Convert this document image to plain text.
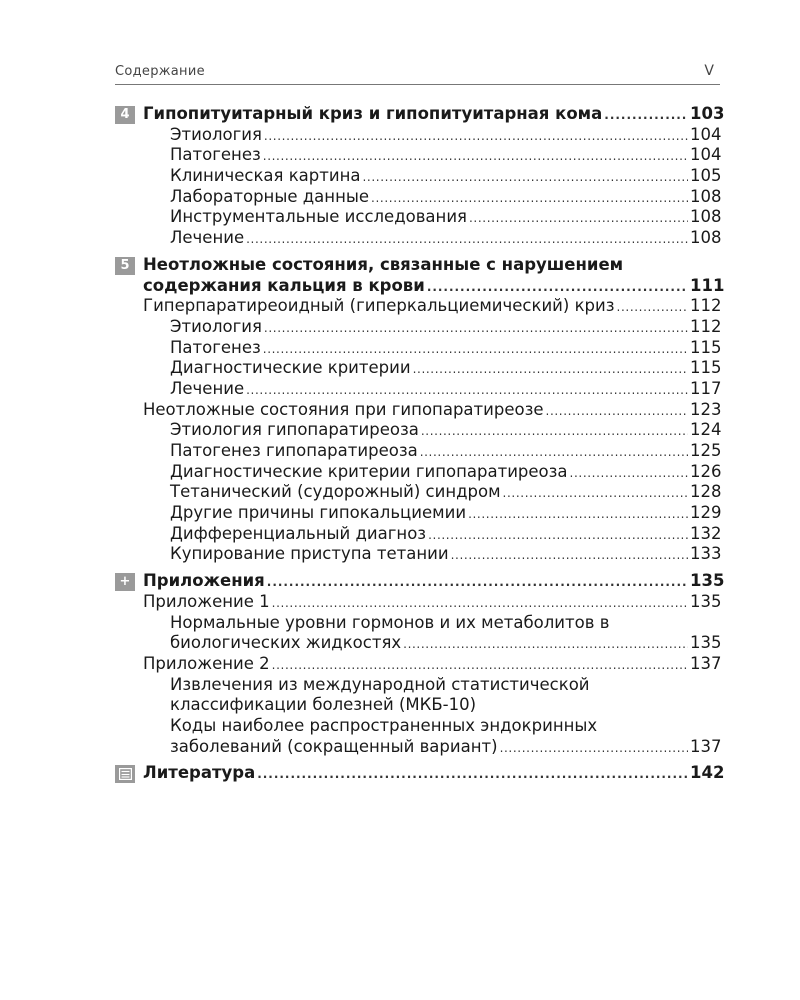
Содержание	V
4 Гипопитуитарный криз и гипопитуитарная кома . . .	103
Этиология . . .	104
Патогенез . . .	104
Клиническая картина . . .	105
Лабораторные данные . . .	108
Инструментальные исследования . . .	108
Лечение . . .	108
5 Неотложные состояния, связанные с нарушением
содержания кальция в крови . . .	111
Гиперпаратиреоидный (гиперкальциемический) криз . . .	112
Этиология . . .	112
Патогенез . . .	115
Диагностические критерии . . .	115
Лечение . . .	117
Неотложные состояния при гипопаратиреозе . . .	123
Этиология гипопаратиреоза . . .	124
Патогенез гипопаратиреоза . . .	125
Диагностические критерии гипопаратиреоза . . .	126
Тетанический (судорожный) синдром . . .	128
Другие причины гипокальциемии . . .	129
Дифференциальный диагноз . . .	132
Купирование приступа тетании . . .	133
+ Приложения . . .	135
Приложение 1 . . .	135
Нормальные уровни гормонов и их метаболитов в
биологических жидкостях . . .	135
Приложение 2 . . .	137
Извлечения из международной статистической
классификации болезней (МКБ-10)
Коды наиболее распространенных эндокринных
заболеваний (сокращенный вариант) . . .	137
Литература . . .	142
